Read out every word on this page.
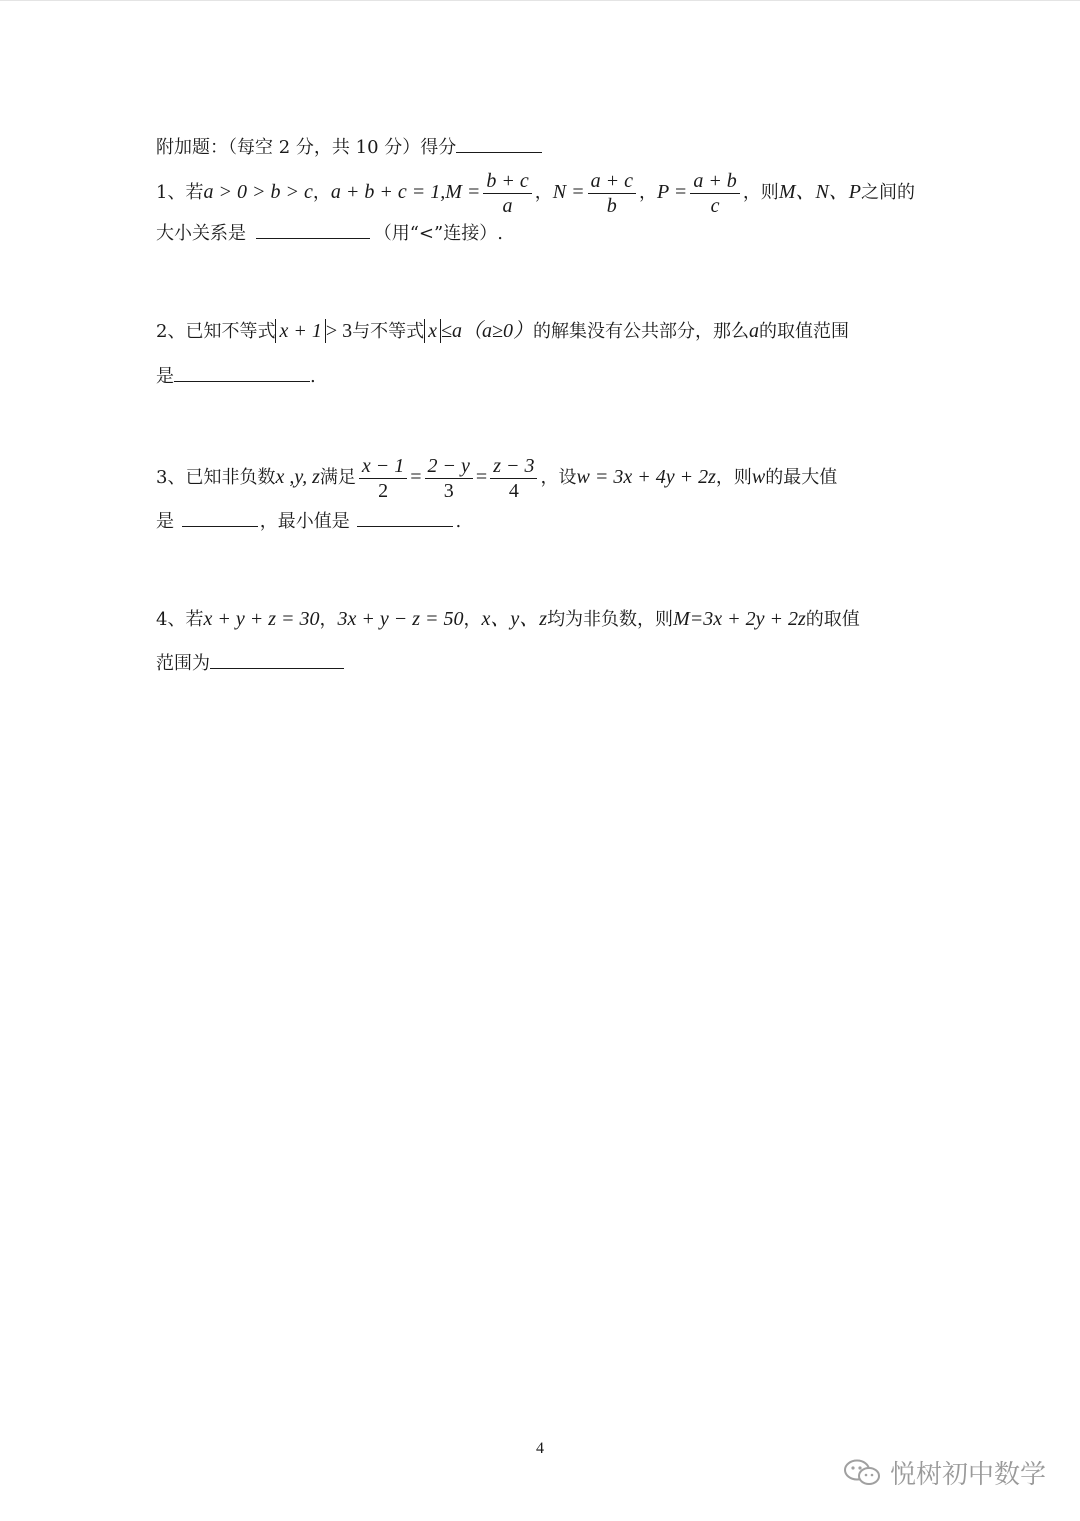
附加题：（每空 2 分，共 10 分）得分
1、若a > 0 > b > c，$a + b + c = 1,M = \frac{b + c}{a}$ ，$N = \frac{a + c}{b}$ ，$P = \frac{a + b}{c}$ ，则M、N、P之间的
大小关系是	（用“<”连接）.
2、已知不等式 x + 1 > 3与不等式 x ≤a（a≥0）的解集没有公共部分，那么a的取值范围
是	.
3、已知非负数x ,y, z满足 $\frac{x - 1}{2} = \frac{2 - y}{3} = \frac{z - 3}{4}$ ，设w = 3x + 4y + 2z，则w的最大值
是	，最小值是	.
4、若x + y + z = 30，3x + y − z = 50，x、y、z均为非负数，则M=3x + 2y + 2z的取值
范围为
4
悦树初中数学
